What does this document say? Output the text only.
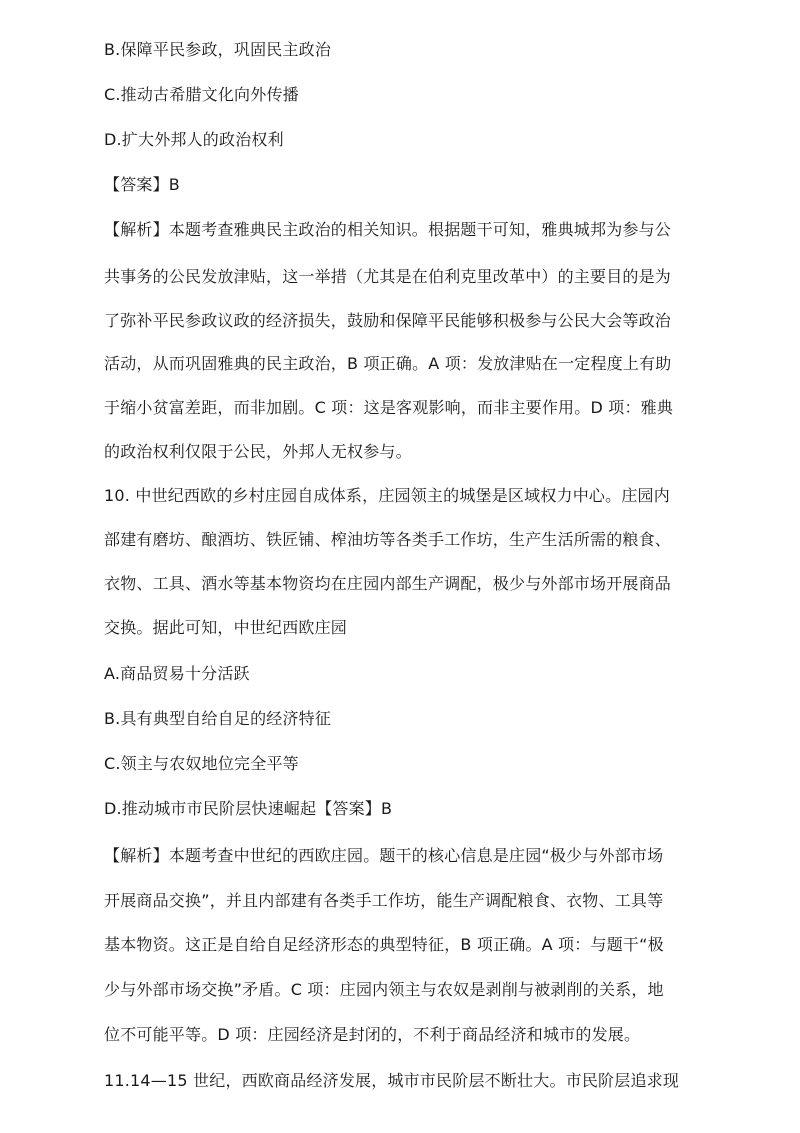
B.保障平民参政，巩固民主政治
C.推动古希腊文化向外传播
D.扩大外邦人的政治权利
【答案】B
【解析】本题考查雅典民主政治的相关知识。根据题干可知，雅典城邦为参与公
共事务的公民发放津贴，这一举措（尤其是在伯利克里改革中）的主要目的是为
了弥补平民参政议政的经济损失，鼓励和保障平民能够积极参与公民大会等政治
活动，从而巩固雅典的民主政治，B 项正确。A 项：发放津贴在一定程度上有助
于缩小贫富差距，而非加剧。C 项：这是客观影响，而非主要作用。D 项：雅典
的政治权利仅限于公民，外邦人无权参与。
10. 中世纪西欧的乡村庄园自成体系，庄园领主的城堡是区域权力中心。庄园内
部建有磨坊、酿酒坊、铁匠铺、榨油坊等各类手工作坊，生产生活所需的粮食、
衣物、工具、酒水等基本物资均在庄园内部生产调配，极少与外部市场开展商品
交换。据此可知，中世纪西欧庄园
A.商品贸易十分活跃
B.具有典型自给自足的经济特征
C.领主与农奴地位完全平等
D.推动城市市民阶层快速崛起【答案】B
【解析】本题考查中世纪的西欧庄园。题干的核心信息是庄园“极少与外部市场
开展商品交换”，并且内部建有各类手工作坊，能生产调配粮食、衣物、工具等
基本物资。这正是自给自足经济形态的典型特征，B 项正确。A 项：与题干“极
少与外部市场交换”矛盾。C 项：庄园内领主与农奴是剥削与被剥削的关系，地
位不可能平等。D 项：庄园经济是封闭的，不利于商品经济和城市的发展。
11.14—15 世纪，西欧商品经济发展，城市市民阶层不断壮大。市民阶层追求现
